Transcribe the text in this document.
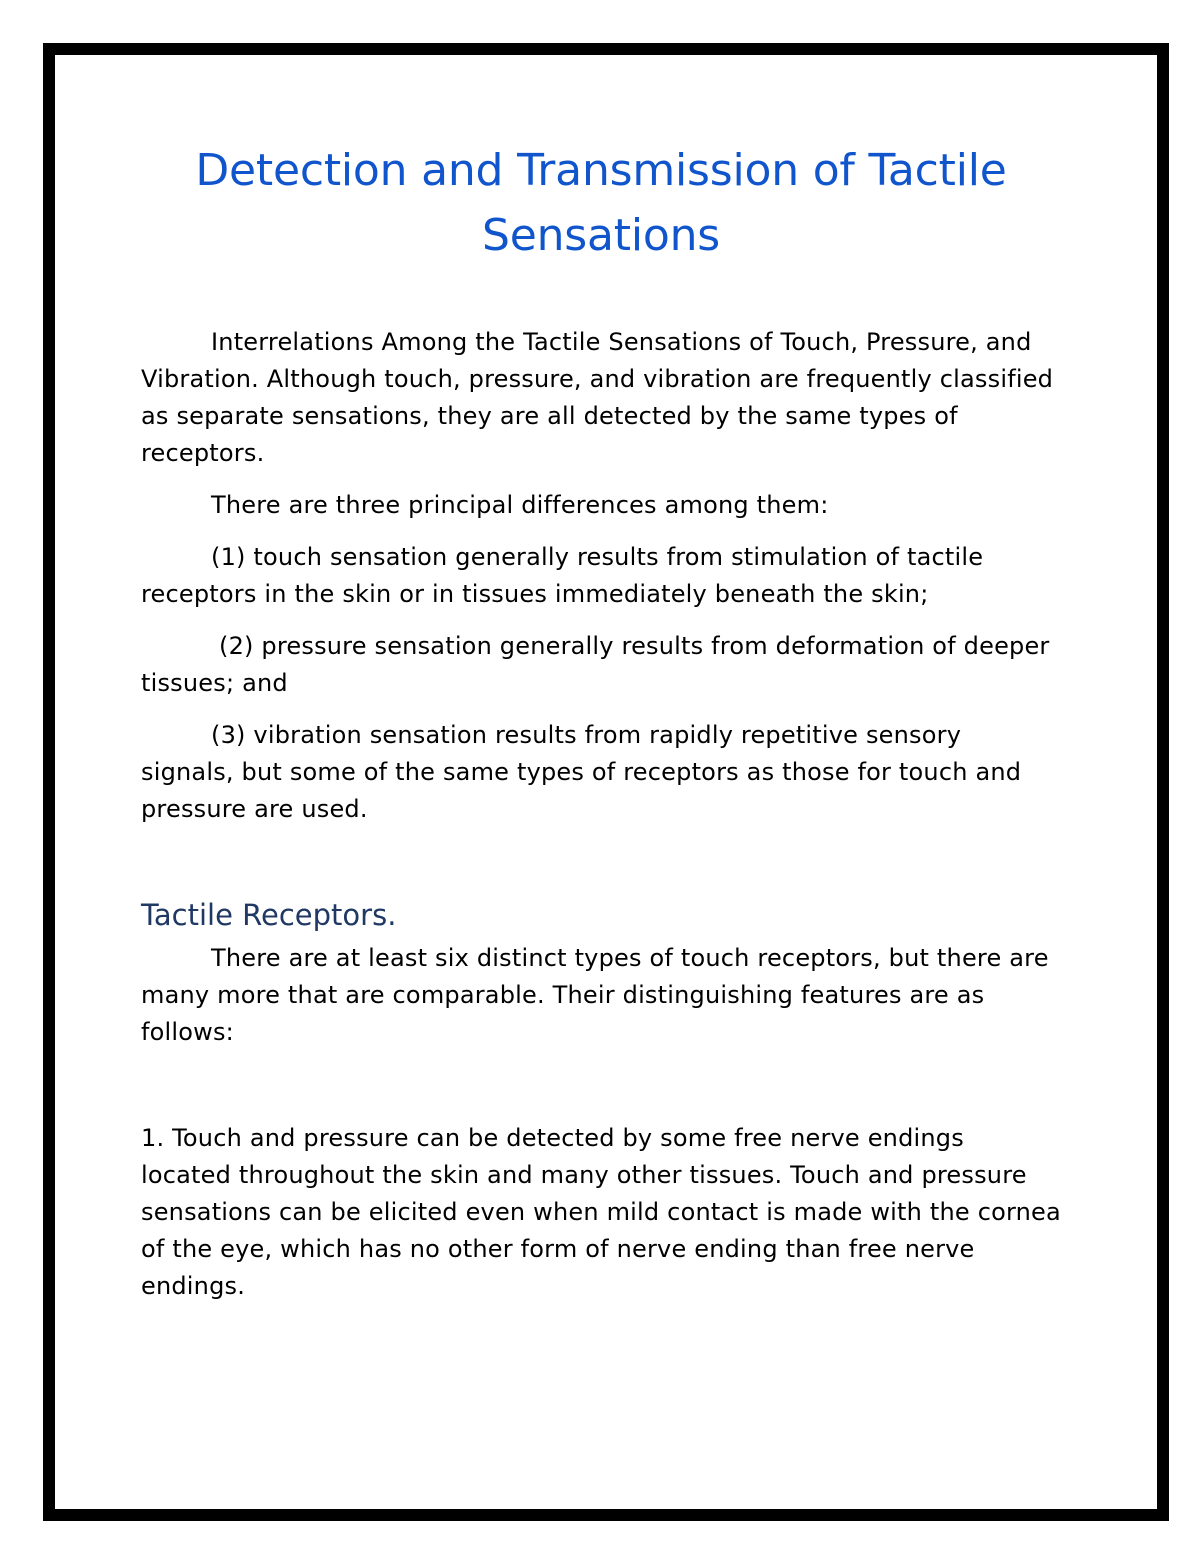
Detection and Transmission of Tactile Sensations

Interrelations Among the Tactile Sensations of Touch, Pressure, and Vibration. Although touch, pressure, and vibration are frequently classified as separate sensations, they are all detected by the same types of receptors.

There are three principal differences among them:

(1) touch sensation generally results from stimulation of tactile receptors in the skin or in tissues immediately beneath the skin;

(2) pressure sensation generally results from deformation of deeper tissues; and

(3) vibration sensation results from rapidly repetitive sensory signals, but some of the same types of receptors as those for touch and pressure are used.

Tactile Receptors.

There are at least six distinct types of touch receptors, but there are many more that are comparable. Their distinguishing features are as follows:

1. Touch and pressure can be detected by some free nerve endings located throughout the skin and many other tissues. Touch and pressure sensations can be elicited even when mild contact is made with the cornea of the eye, which has no other form of nerve ending than free nerve endings.
